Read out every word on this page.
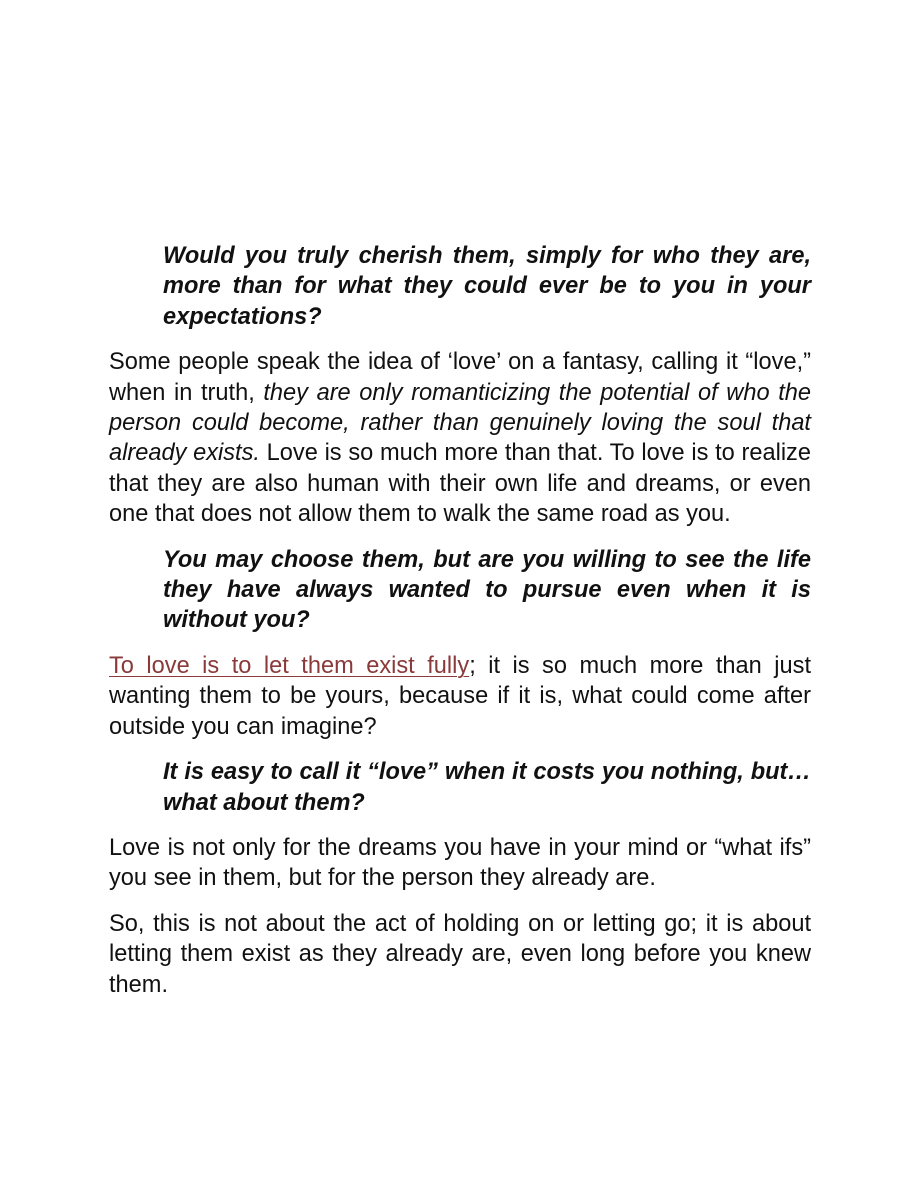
Would you truly cherish them, simply for who they are, more than for what they could ever be to you in your expectations?

Some people speak the idea of ‘love’ on a fantasy, calling it “love,” when in truth, they are only romanticizing the potential of who the person could become, rather than genuinely loving the soul that already exists. Love is so much more than that. To love is to realize that they are also human with their own life and dreams, or even one that does not allow them to walk the same road as you.

You may choose them, but are you willing to see the life they have always wanted to pursue even when it is without you?

To love is to let them exist fully; it is so much more than just wanting them to be yours, because if it is, what could come after outside you can imagine?

It is easy to call it “love” when it costs you nothing, but… what about them?

Love is not only for the dreams you have in your mind or “what ifs” you see in them, but for the person they already are.

So, this is not about the act of holding on or letting go; it is about letting them exist as they already are, even long before you knew them.
